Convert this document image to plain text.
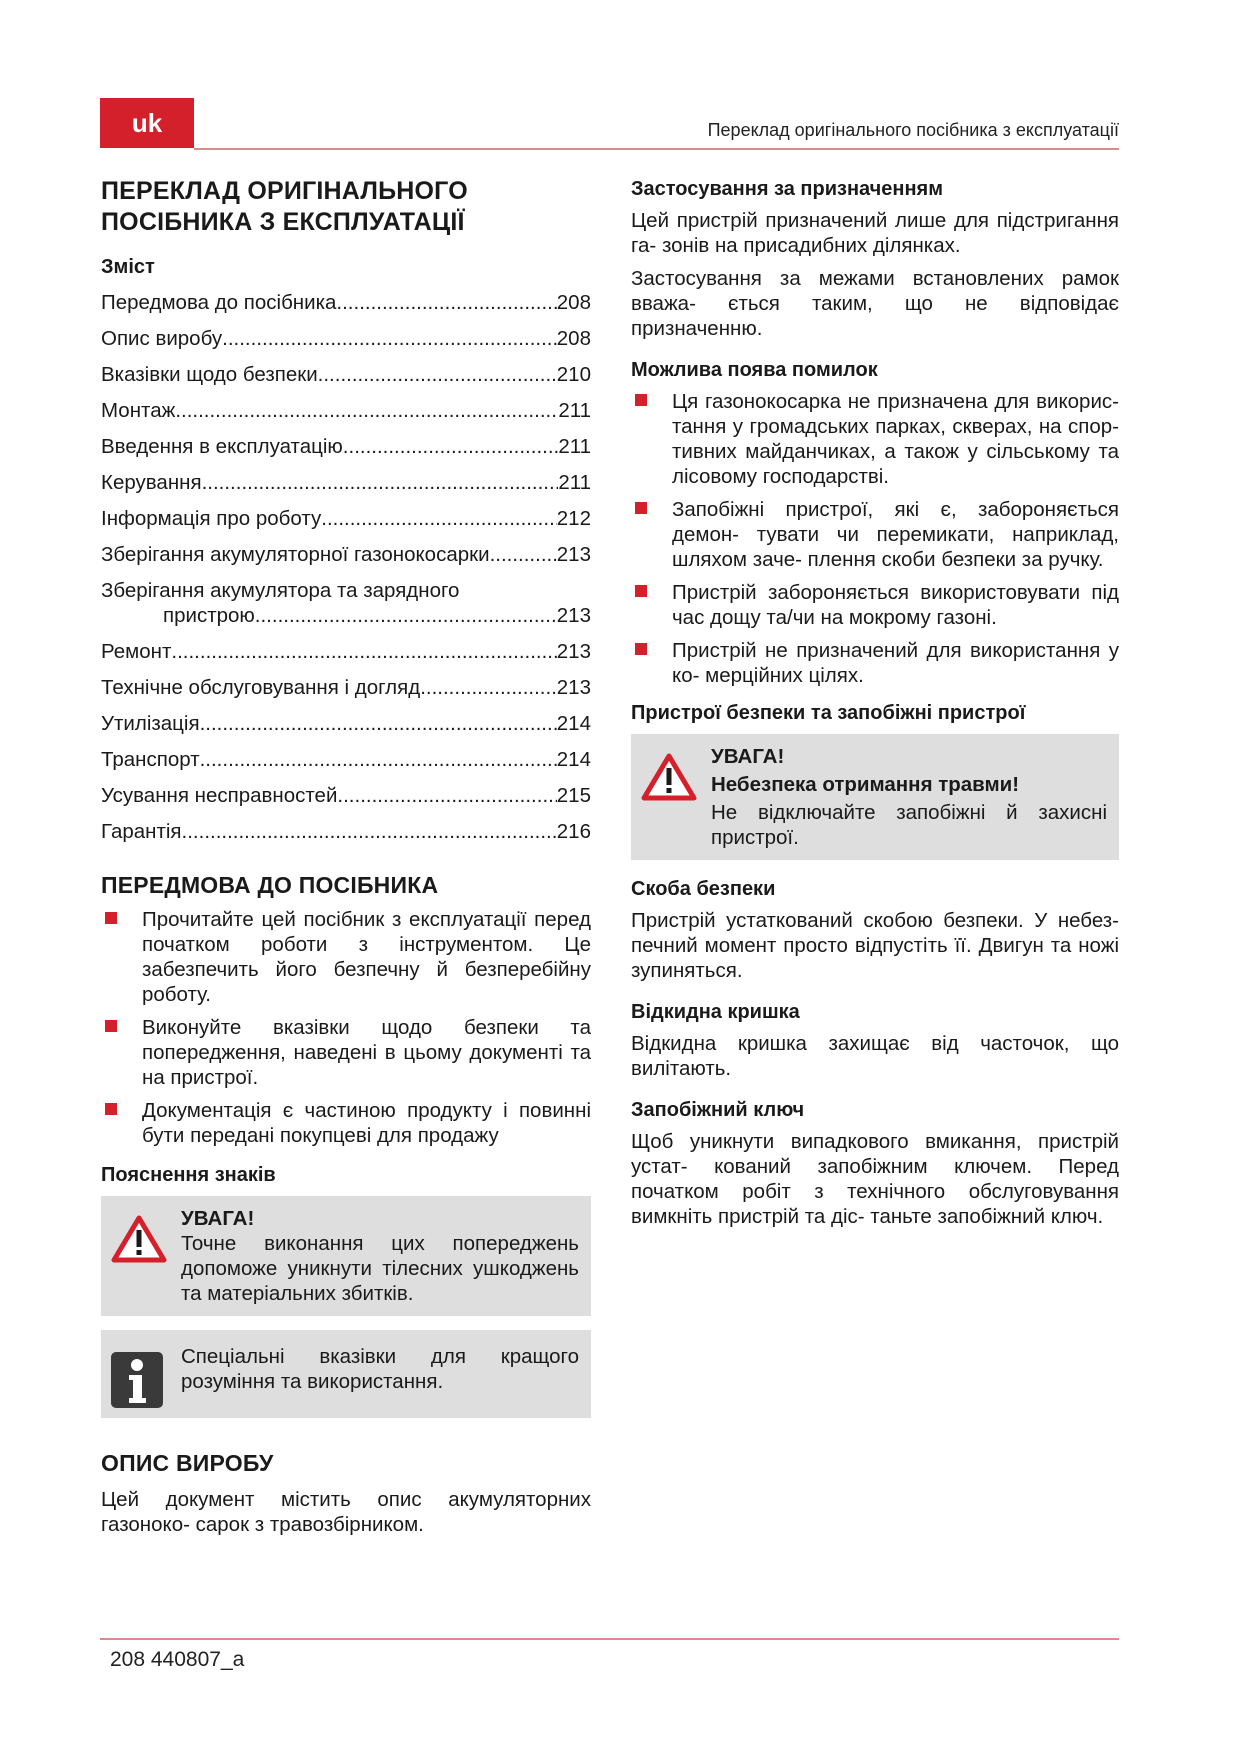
uk	Переклад оригінального посібника з експлуатації
ПЕРЕКЛАД ОРИГІНАЛЬНОГО
ПОСІБНИКА З ЕКСПЛУАТАЦІЇ
Зміст
Передмова до посібника .....	208
Опис виробу .....	208
Вказівки щодо безпеки .....	210
Монтаж .....	211
Введення в експлуатацію .....	211
Керування .....	211
Інформація про роботу .....	212
Зберігання акумуляторної газонокосарки .....	213
Зберігання акумулятора та зарядного
пристрою .....	213
Ремонт .....	213
Технічне обслуговування і догляд .....	213
Утилізація .....	214
Транспорт .....	214
Усування несправностей .....	215
Гарантія .....	216
ПЕРЕДМОВА ДО ПОСІБНИКА
Прочитайте цей посібник з експлуатації перед початком роботи з інструментом. Це забезпечить його безпечну й безперебійну роботу.
Виконуйте вказівки щодо безпеки та попередження, наведені в цьому документі та на пристрої.
Документація є частиною продукту і повинні бути передані покупцеві для продажу
Пояснення знаків
УВАГА!
Точне виконання цих попереджень допоможе уникнути тілесних ушкоджень та матеріальних збитків.
Спеціальні вказівки для кращого розуміння та використання.
ОПИС ВИРОБУ

Цей документ містить опис акумуляторних газоноко- сарок з травозбірником.

Застосування за призначенням

Цей пристрій призначений лише для підстригання га- зонів на присадибних ділянках.

Застосування за межами встановлених рамок вважа- ється таким, що не відповідає призначенню.

Можлива поява помилок
Ця газонокосарка не призначена для викорис- тання у громадських парках, скверах, на спор- тивних майданчиках, а також у сільському та лісовому господарстві.
Запобіжні пристрої, які є, забороняється демон- тувати чи перемикати, наприклад, шляхом заче- плення скоби безпеки за ручку.
Пристрій забороняється використовувати під час дощу та/чи на мокрому газоні.
Пристрій не призначений для використання у ко- мерційних цілях.
Пристрої безпеки та запобіжні пристрої
УВАГА!
Небезпека отримання травми!
Не відключайте запобіжні й захисні пристрої.
Скоба безпеки

Пристрій устаткований скобою безпеки. У небез- печний момент просто відпустіть її. Двигун та ножі зупиняться.

Відкидна кришка

Відкидна кришка захищає від часточок, що вилітають.

Запобіжний ключ

Щоб уникнути випадкового вмикання, пристрій устат- кований запобіжним ключем. Перед початком робіт з технічного обслуговування вимкніть пристрій та діс- таньте запобіжний ключ.

208 440807_a
